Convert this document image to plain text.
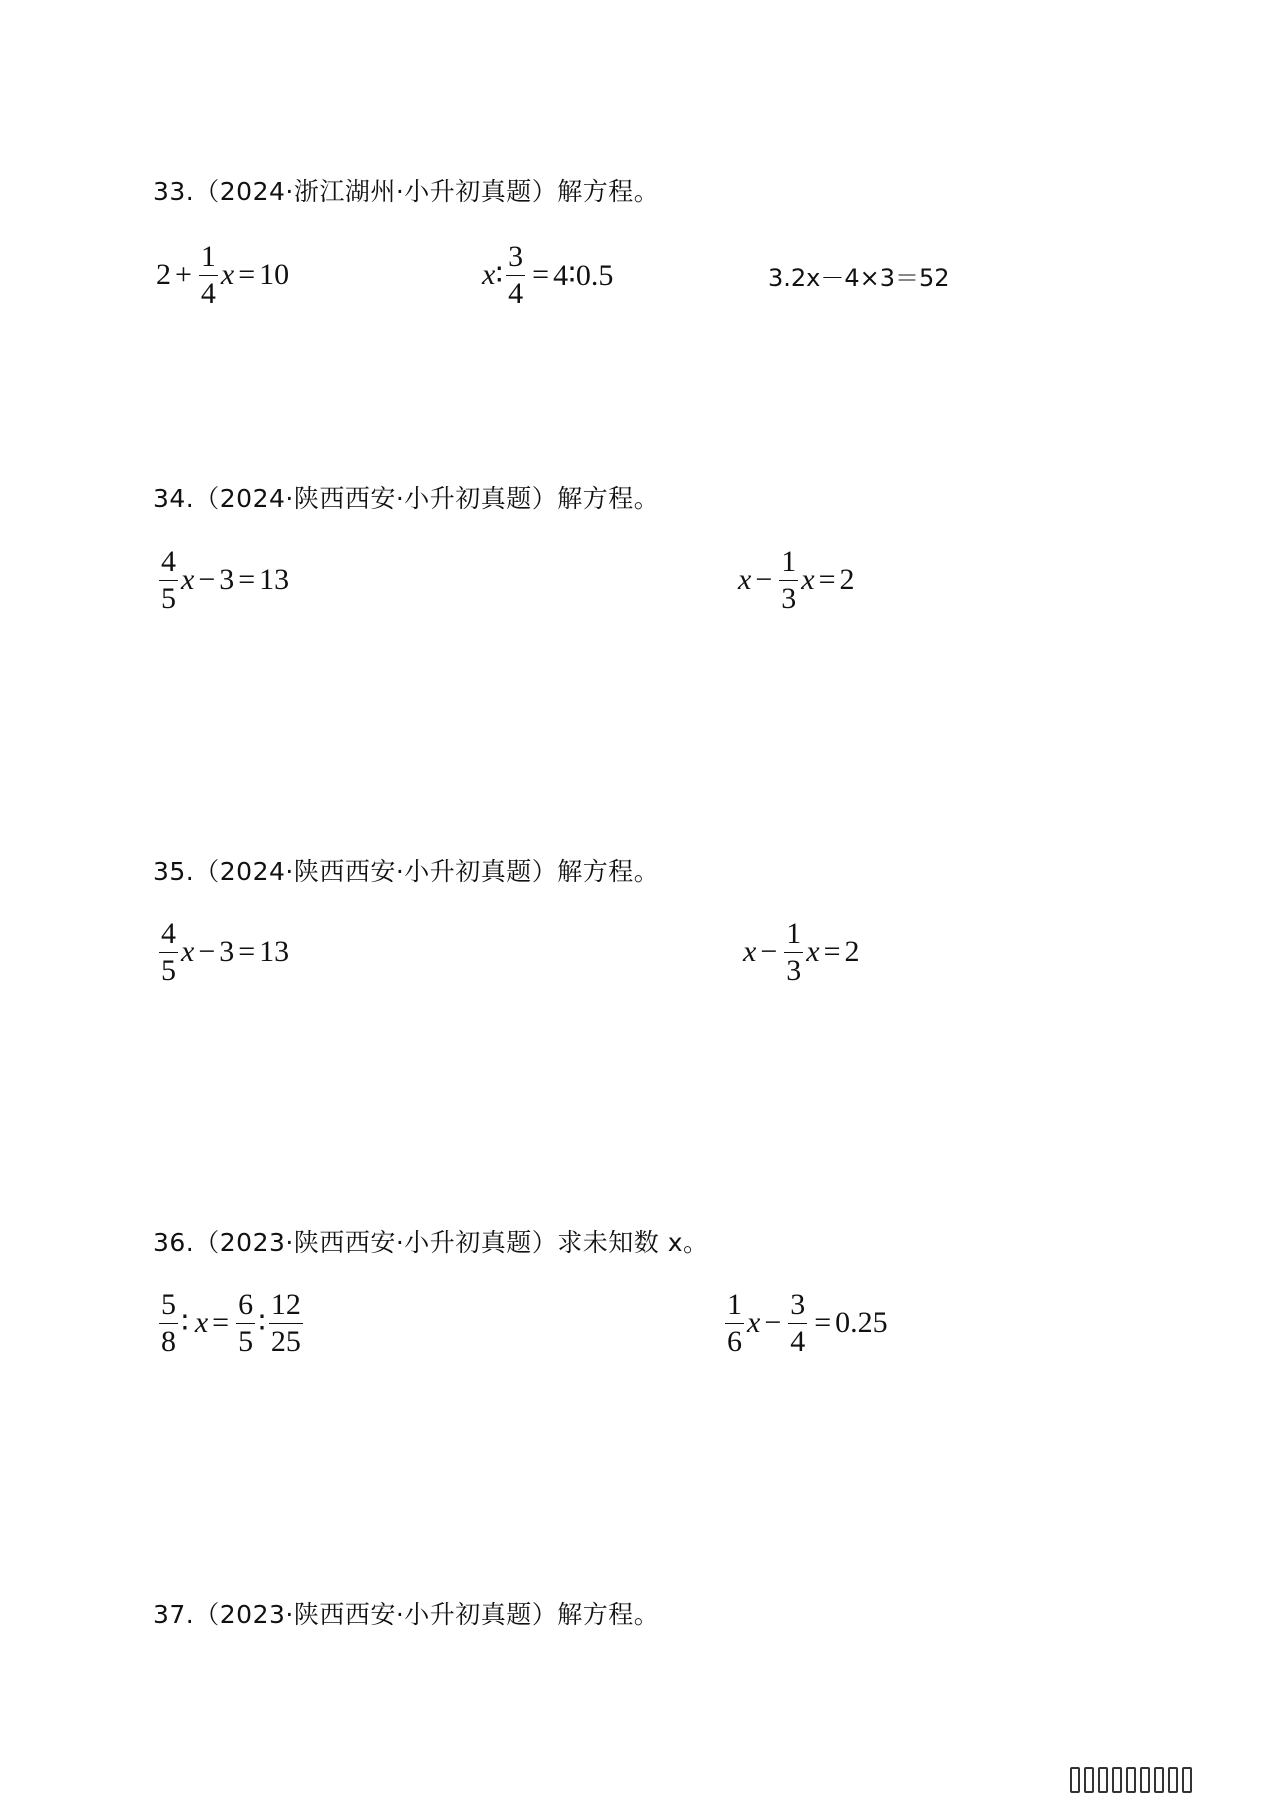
33.（2024·浙江湖州·小升初真题）解方程。
$2 + \frac{1}{4}$ x = 10	x ∶ $\frac{3}{4}$ = 4∶0.5	3.2x－4×3＝52
34.（2024·陕西西安·小升初真题）解方程。
$\frac{4}{5}$ x − 3 = 13	$x - \frac{1}{3}$ x = 2
35.（2024·陕西西安·小升初真题）解方程。
$\frac{4}{5}$ x − 3 = 13	$x - \frac{1}{3}$ x = 2
36.（2023·陕西西安·小升初真题）求未知数 x。
$\frac{5}{8}$ ∶ $x = \frac{6}{5}$ ∶ $\frac{12}{25}$	$\frac{1}{6}$ $x - \frac{3}{4} = 0.25$
37.（2023·陕西西安·小升初真题）解方程。
